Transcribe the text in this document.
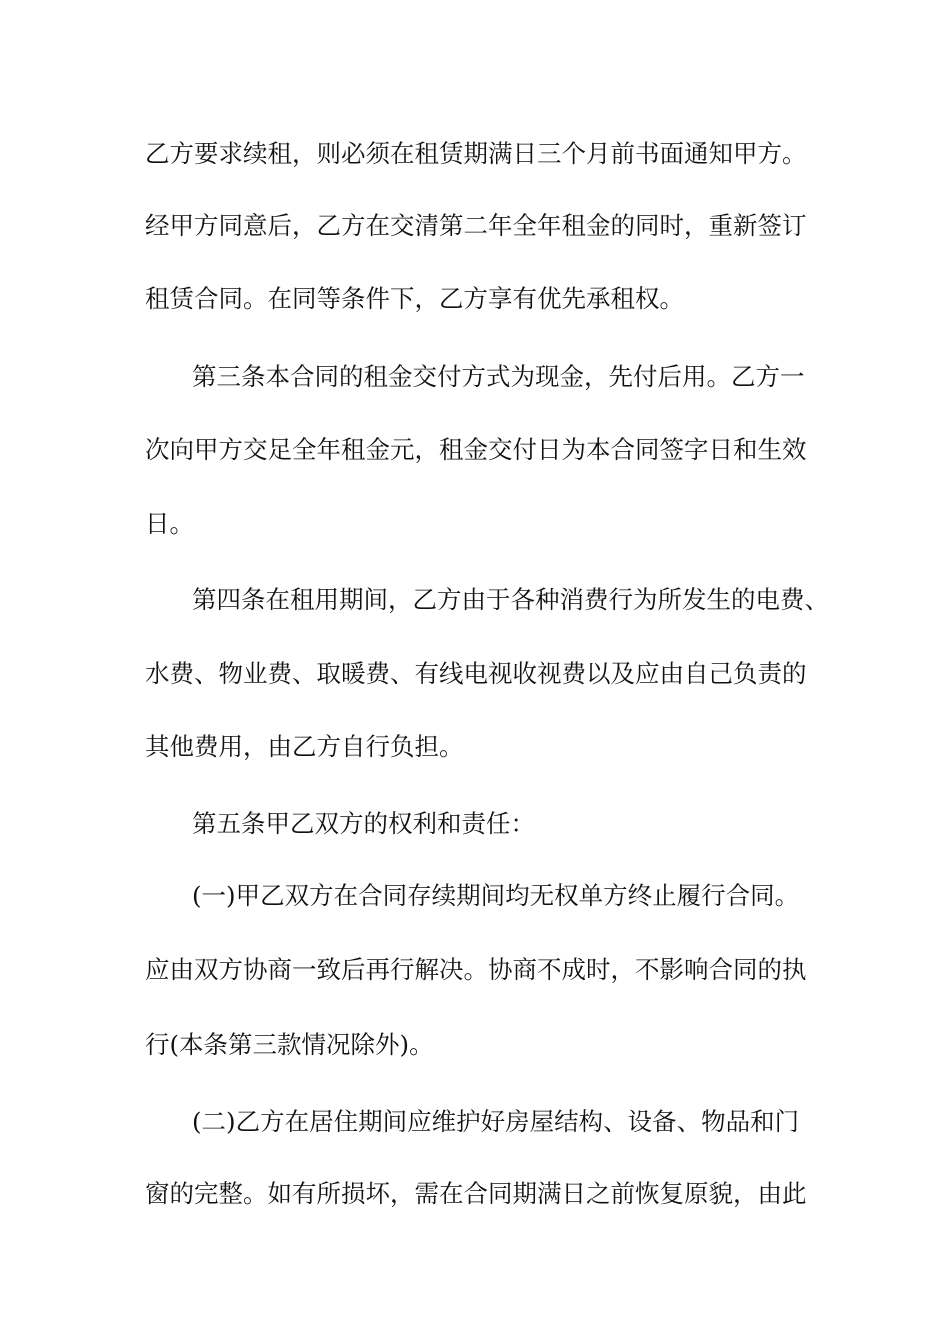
乙方要求续租，则必须在租赁期满日三个月前书面通知甲方。
经甲方同意后，乙方在交清第二年全年租金的同时，重新签订
租赁合同。在同等条件下，乙方享有优先承租权。
第三条本合同的租金交付方式为现金，先付后用。乙方一
次向甲方交足全年租金元，租金交付日为本合同签字日和生效
日。
第四条在租用期间，乙方由于各种消费行为所发生的电费、
水费、物业费、取暖费、有线电视收视费以及应由自己负责的
其他费用，由乙方自行负担。
第五条甲乙双方的权利和责任：
(一)甲乙双方在合同存续期间均无权单方终止履行合同。
应由双方协商一致后再行解决。协商不成时，不影响合同的执
行(本条第三款情况除外)。
(二)乙方在居住期间应维护好房屋结构、设备、物品和门
窗的完整。如有所损坏，需在合同期满日之前恢复原貌，由此
